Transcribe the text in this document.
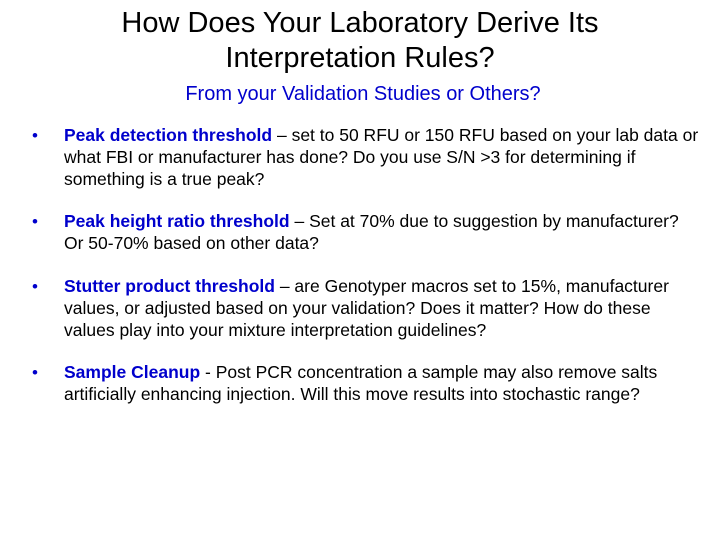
How Does Your Laboratory Derive Its
Interpretation Rules?
From your Validation Studies or Others?
• Peak detection threshold – set to 50 RFU or 150 RFU based on your lab data or what FBI or manufacturer has done? Do you use S/N >3 for determining if something is a true peak?
• Peak height ratio threshold – Set at 70% due to suggestion by manufacturer? Or 50-70% based on other data?
• Stutter product threshold – are Genotyper macros set to 15%, manufacturer values, or adjusted based on your validation? Does it matter? How do these values play into your mixture interpretation guidelines?
• Sample Cleanup - Post PCR concentration a sample may also remove salts artificially enhancing injection. Will this move results into stochastic range?
